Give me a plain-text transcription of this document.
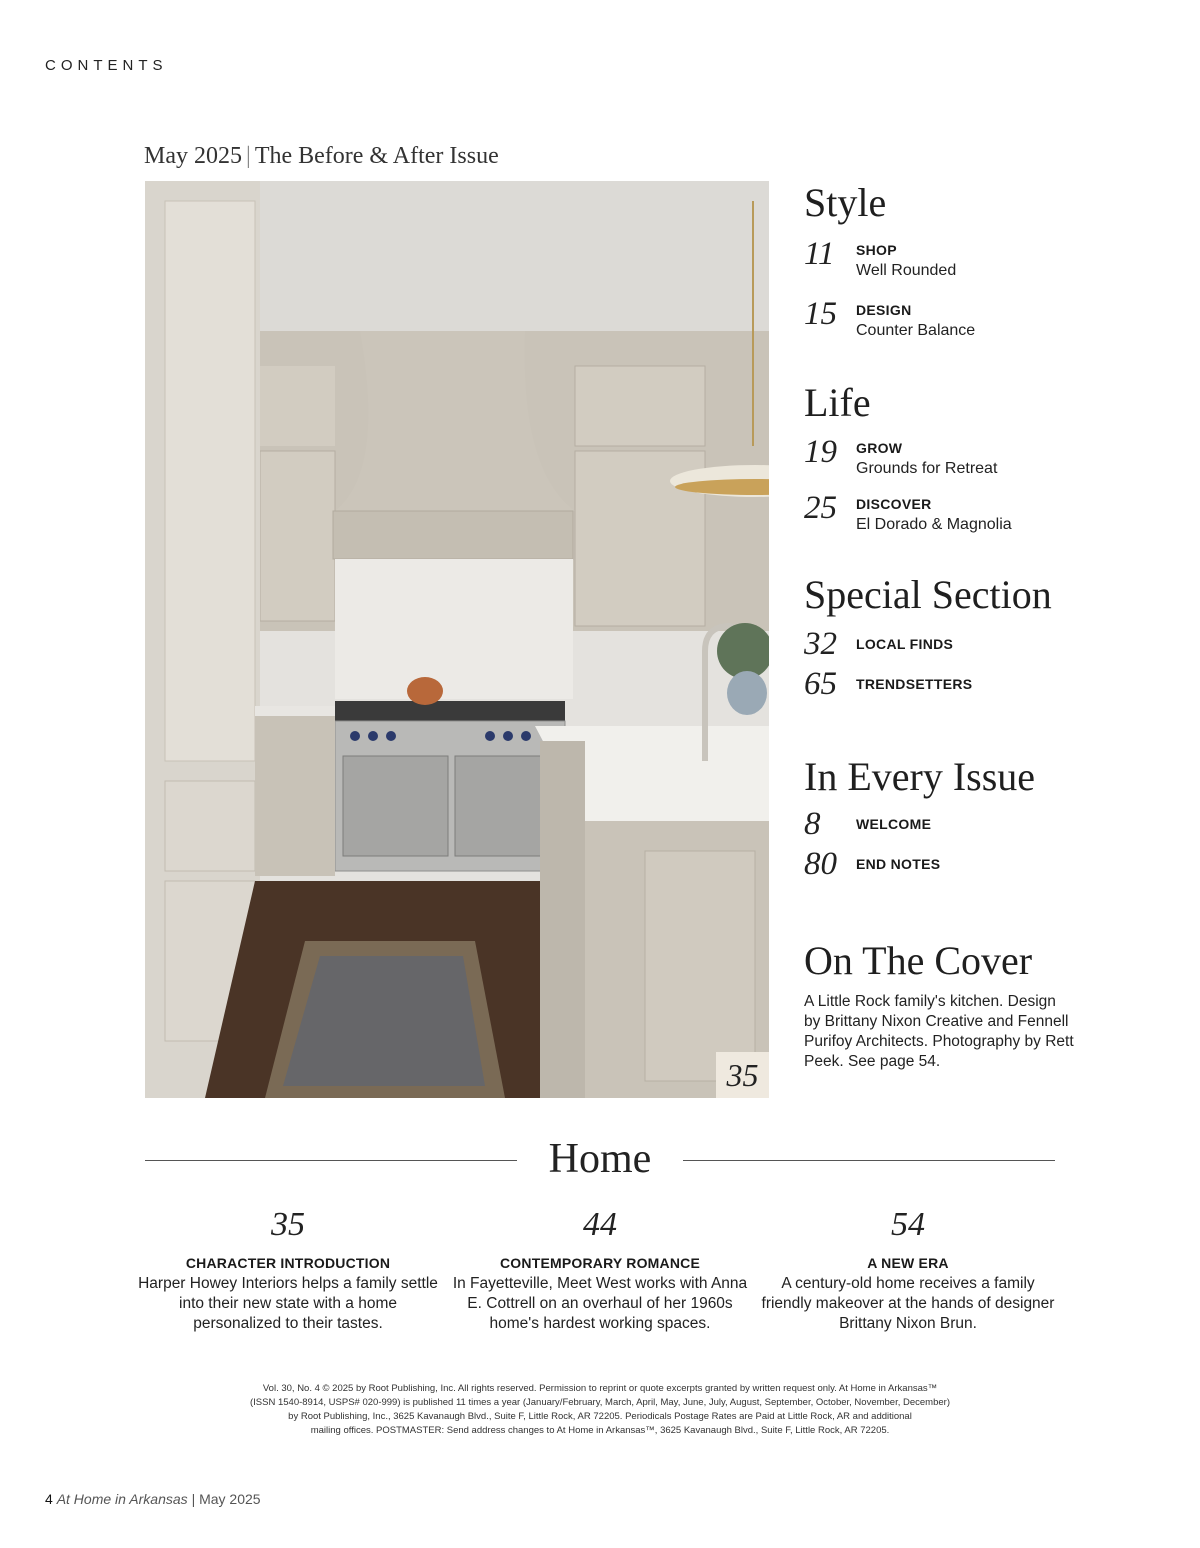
CONTENTS
May 2025 | The Before & After Issue
35
Style
11 SHOP
Well Rounded
15 DESIGN
Counter Balance
Life
19 GROW
Grounds for Retreat
25 DISCOVER
El Dorado & Magnolia
Special Section
32 LOCAL FINDS
65 TRENDSETTERS
In Every Issue
8	WELCOME
80 END NOTES
On The Cover
A Little Rock family's kitchen. Design by Brittany Nixon Creative and Fennell Purifoy Architects. Photography by Rett Peek. See page 54.
Home
35
CHARACTER INTRODUCTION
Harper Howey Interiors helps a family settle into their new state with a home personalized to their tastes.
44
CONTEMPORARY ROMANCE
In Fayetteville, Meet West works with Anna E. Cottrell on an overhaul of her 1960s home's hardest working spaces.
54
A NEW ERA
A century-old home receives a family friendly makeover at the hands of designer Brittany Nixon Brun.

Vol. 30, No. 4 © 2025 by Root Publishing, Inc. All rights reserved. Permission to reprint or quote excerpts granted by written request only. At Home in Arkansas™

(ISSN 1540-8914, USPS# 020-999) is published 11 times a year (January/February, March, April, May, June, July, August, September, October, November, December)

by Root Publishing, Inc., 3625 Kavanaugh Blvd., Suite F, Little Rock, AR 72205. Periodicals Postage Rates are Paid at Little Rock, AR and additional

mailing offices. POSTMASTER: Send address changes to At Home in Arkansas™, 3625 Kavanaugh Blvd., Suite F, Little Rock, AR 72205.

4 At Home in Arkansas | May 2025
